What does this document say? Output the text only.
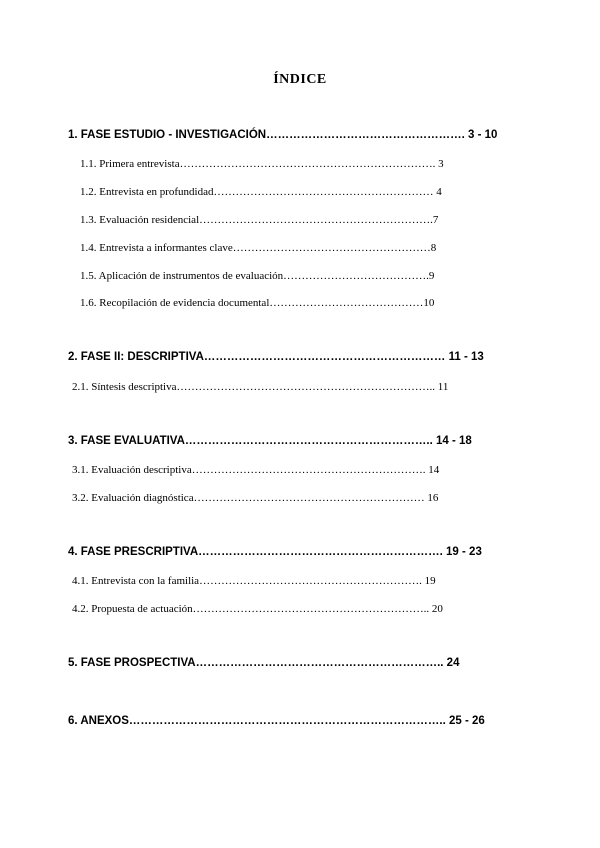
ÍNDICE
1. FASE ESTUDIO - INVESTIGACIÓN……………………………………………. 3 - 10
1.1. Primera entrevista……………………………………………………………. 3
1.2. Entrevista en profundidad…………………………………………………… 4
1.3. Evaluación residencial……………………………………………………….7
1.4. Entrevista a informantes clave………………………………………………8
1.5. Aplicación de instrumentos de evaluación………………………………….9
1.6. Recopilación de evidencia documental……………………………………10
2. FASE II: DESCRIPTIVA……………………………………………………… 11 - 13
2.1. Síntesis descriptiva…………………………………………………………….. 11
3. FASE EVALUATIVA……………………………………………………….. 14 - 18
3.1. Evaluación descriptiva………………………………………………………. 14
3.2. Evaluación diagnóstica……………………………………………………… 16
4. FASE PRESCRIPTIVA………………………………………………………. 19 - 23
4.1. Entrevista con la familia……………………………………………………. 19
4.2. Propuesta de actuación……………………………………………………….. 20
5. FASE PROSPECTIVA……………………………………………………….. 24
6. ANEXOS……………………………………………………………………….. 25 - 26
